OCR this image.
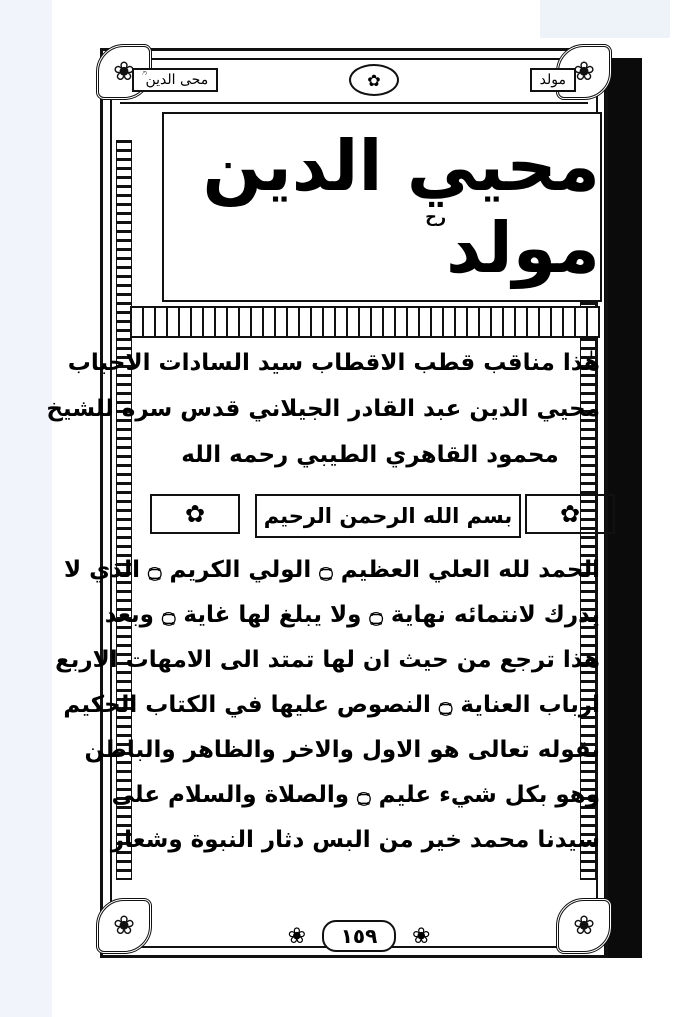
❀
❀
❀
❀
محی الدین ؒ	✿	مولد
محيي الدين مولد$^{رح}$
هٰذا مناقب قطب الاقطاب سيد السادات الاحباب
محيي الدين عبد القادر الجيلاني قدس سره للشيخ
محمود القاهري الطيبي رحمه الله
✿	بسم الله الرحمن الرحيم	✿
الحمد لله العلي العظيم ۝ الولي الكريم ۝ الذي لا
يدرك لانتمائه نهاية ۝ ولا يبلغ لها غاية ۝ وبعد
هذا ترجع من حيث ان لها تمتد الى الامهات الاربع
ارباب العناية ۝ النصوص عليها في الكتاب الحكيم
بقوله تعالى هو الاول والاخر والظاهر والباطن
وهو بكل شيء عليم ۝ والصلاة والسلام على
سيدنا محمد خير من البس دثار النبوة وشعار
❀	١٥٩	❀
